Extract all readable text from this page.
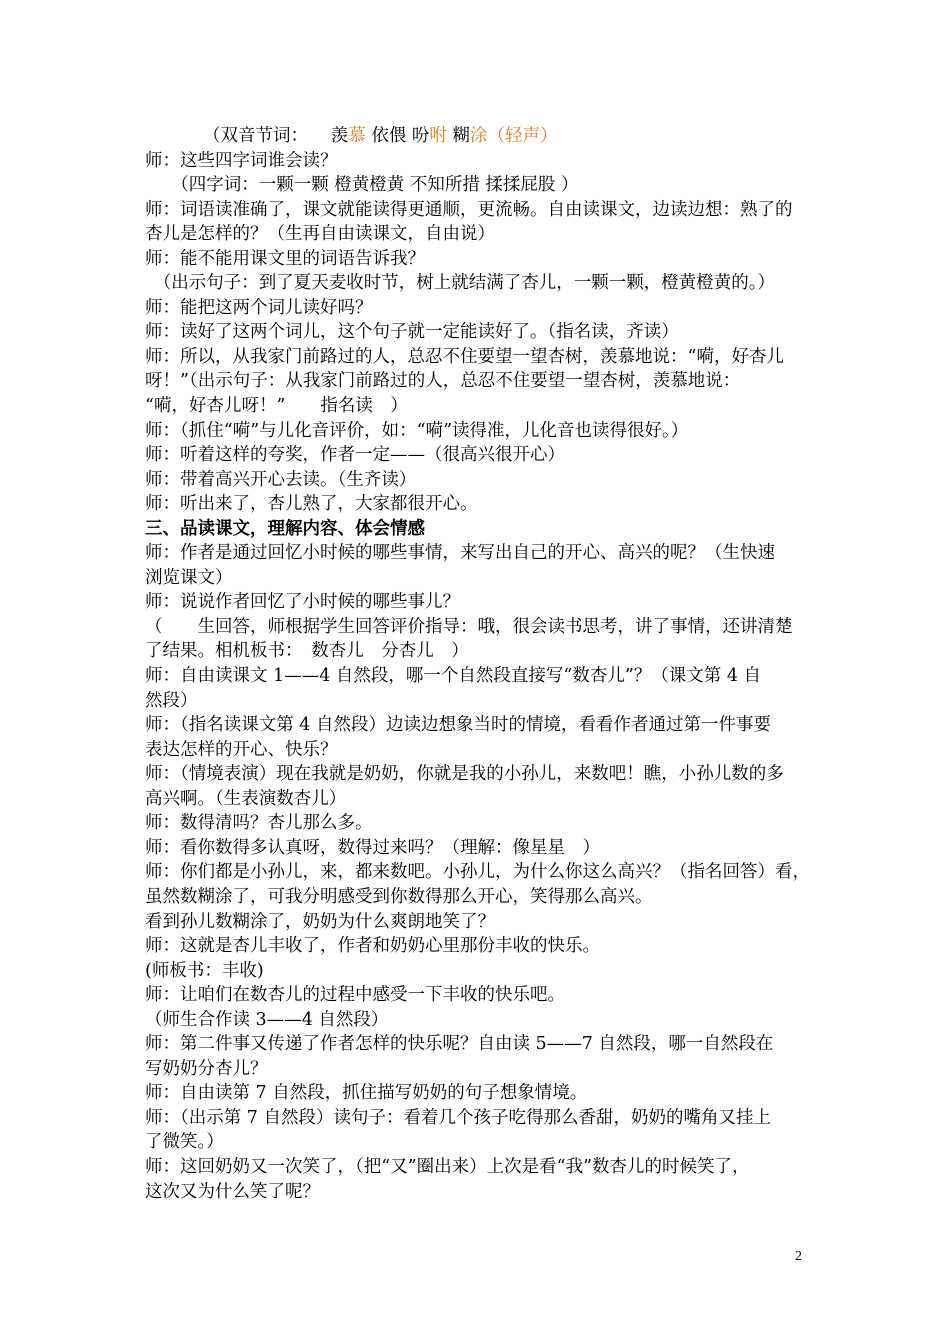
（双音节词：　羡慕 依偎 吩咐 糊涂（轻声）
师：这些四字词谁会读？
　　（四字词：一颗一颗 橙黄橙黄 不知所措 揉揉屁股 ）
师：词语读准确了，课文就能读得更通顺，更流畅。自由读课文，边读边想：熟了的
杏儿是怎样的？（生再自由读课文，自由说）
师：能不能用课文里的词语告诉我？
　（出示句子：到了夏天麦收时节，树上就结满了杏儿，一颗一颗，橙黄橙黄的。）
师：能把这两个词儿读好吗？
师：读好了这两个词儿，这个句子就一定能读好了。（指名读，齐读）
师：所以，从我家门前路过的人，总忍不住要望一望杏树，羡慕地说：“嗬，好杏儿
呀！”（出示句子：从我家门前路过的人，总忍不住要望一望杏树，羡慕地说：
“嗬，好杏儿呀！”　　指名读　）
师：（抓住“嗬”与儿化音评价，如：“嗬”读得准，儿化音也读得很好。）
师：听着这样的夸奖，作者一定——（很高兴很开心）
师：带着高兴开心去读。（生齐读）
师：听出来了，杏儿熟了，大家都很开心。
三、品读课文，理解内容、体会情感
师：作者是通过回忆小时候的哪些事情，来写出自己的开心、高兴的呢？（生快速
浏览课文）
师：说说作者回忆了小时候的哪些事儿？
（　　生回答，师根据学生回答评价指导：哦，很会读书思考，讲了事情，还讲清楚
了结果。相机板书：　数杏儿　分杏儿　）
师：自由读课文 1——4 自然段，哪一个自然段直接写“数杏儿”？（课文第 4 自
然段）
师：（指名读课文第 4 自然段）边读边想象当时的情境，看看作者通过第一件事要
表达怎样的开心、快乐？
师：（情境表演）现在我就是奶奶，你就是我的小孙儿，来数吧！瞧，小孙儿数的多
高兴啊。（生表演数杏儿）
师：数得清吗？杏儿那么多。
师：看你数得多认真呀，数得过来吗？（理解：像星星　）
师：你们都是小孙儿，来，都来数吧。小孙儿，为什么你这么高兴？（指名回答）看，
虽然数糊涂了，可我分明感受到你数得那么开心，笑得那么高兴。
看到孙儿数糊涂了，奶奶为什么爽朗地笑了？
师：这就是杏儿丰收了，作者和奶奶心里那份丰收的快乐。
(师板书：丰收)
师：让咱们在数杏儿的过程中感受一下丰收的快乐吧。
（师生合作读 3——4 自然段）
师：第二件事又传递了作者怎样的快乐呢？自由读 5——7 自然段，哪一自然段在
写奶奶分杏儿？
师：自由读第 7 自然段，抓住描写奶奶的句子想象情境。
师：（出示第 7 自然段）读句子：看着几个孩子吃得那么香甜，奶奶的嘴角又挂上
了微笑。）
师：这回奶奶又一次笑了，（把“又”圈出来）上次是看“我”数杏儿的时候笑了，
这次又为什么笑了呢？
2
